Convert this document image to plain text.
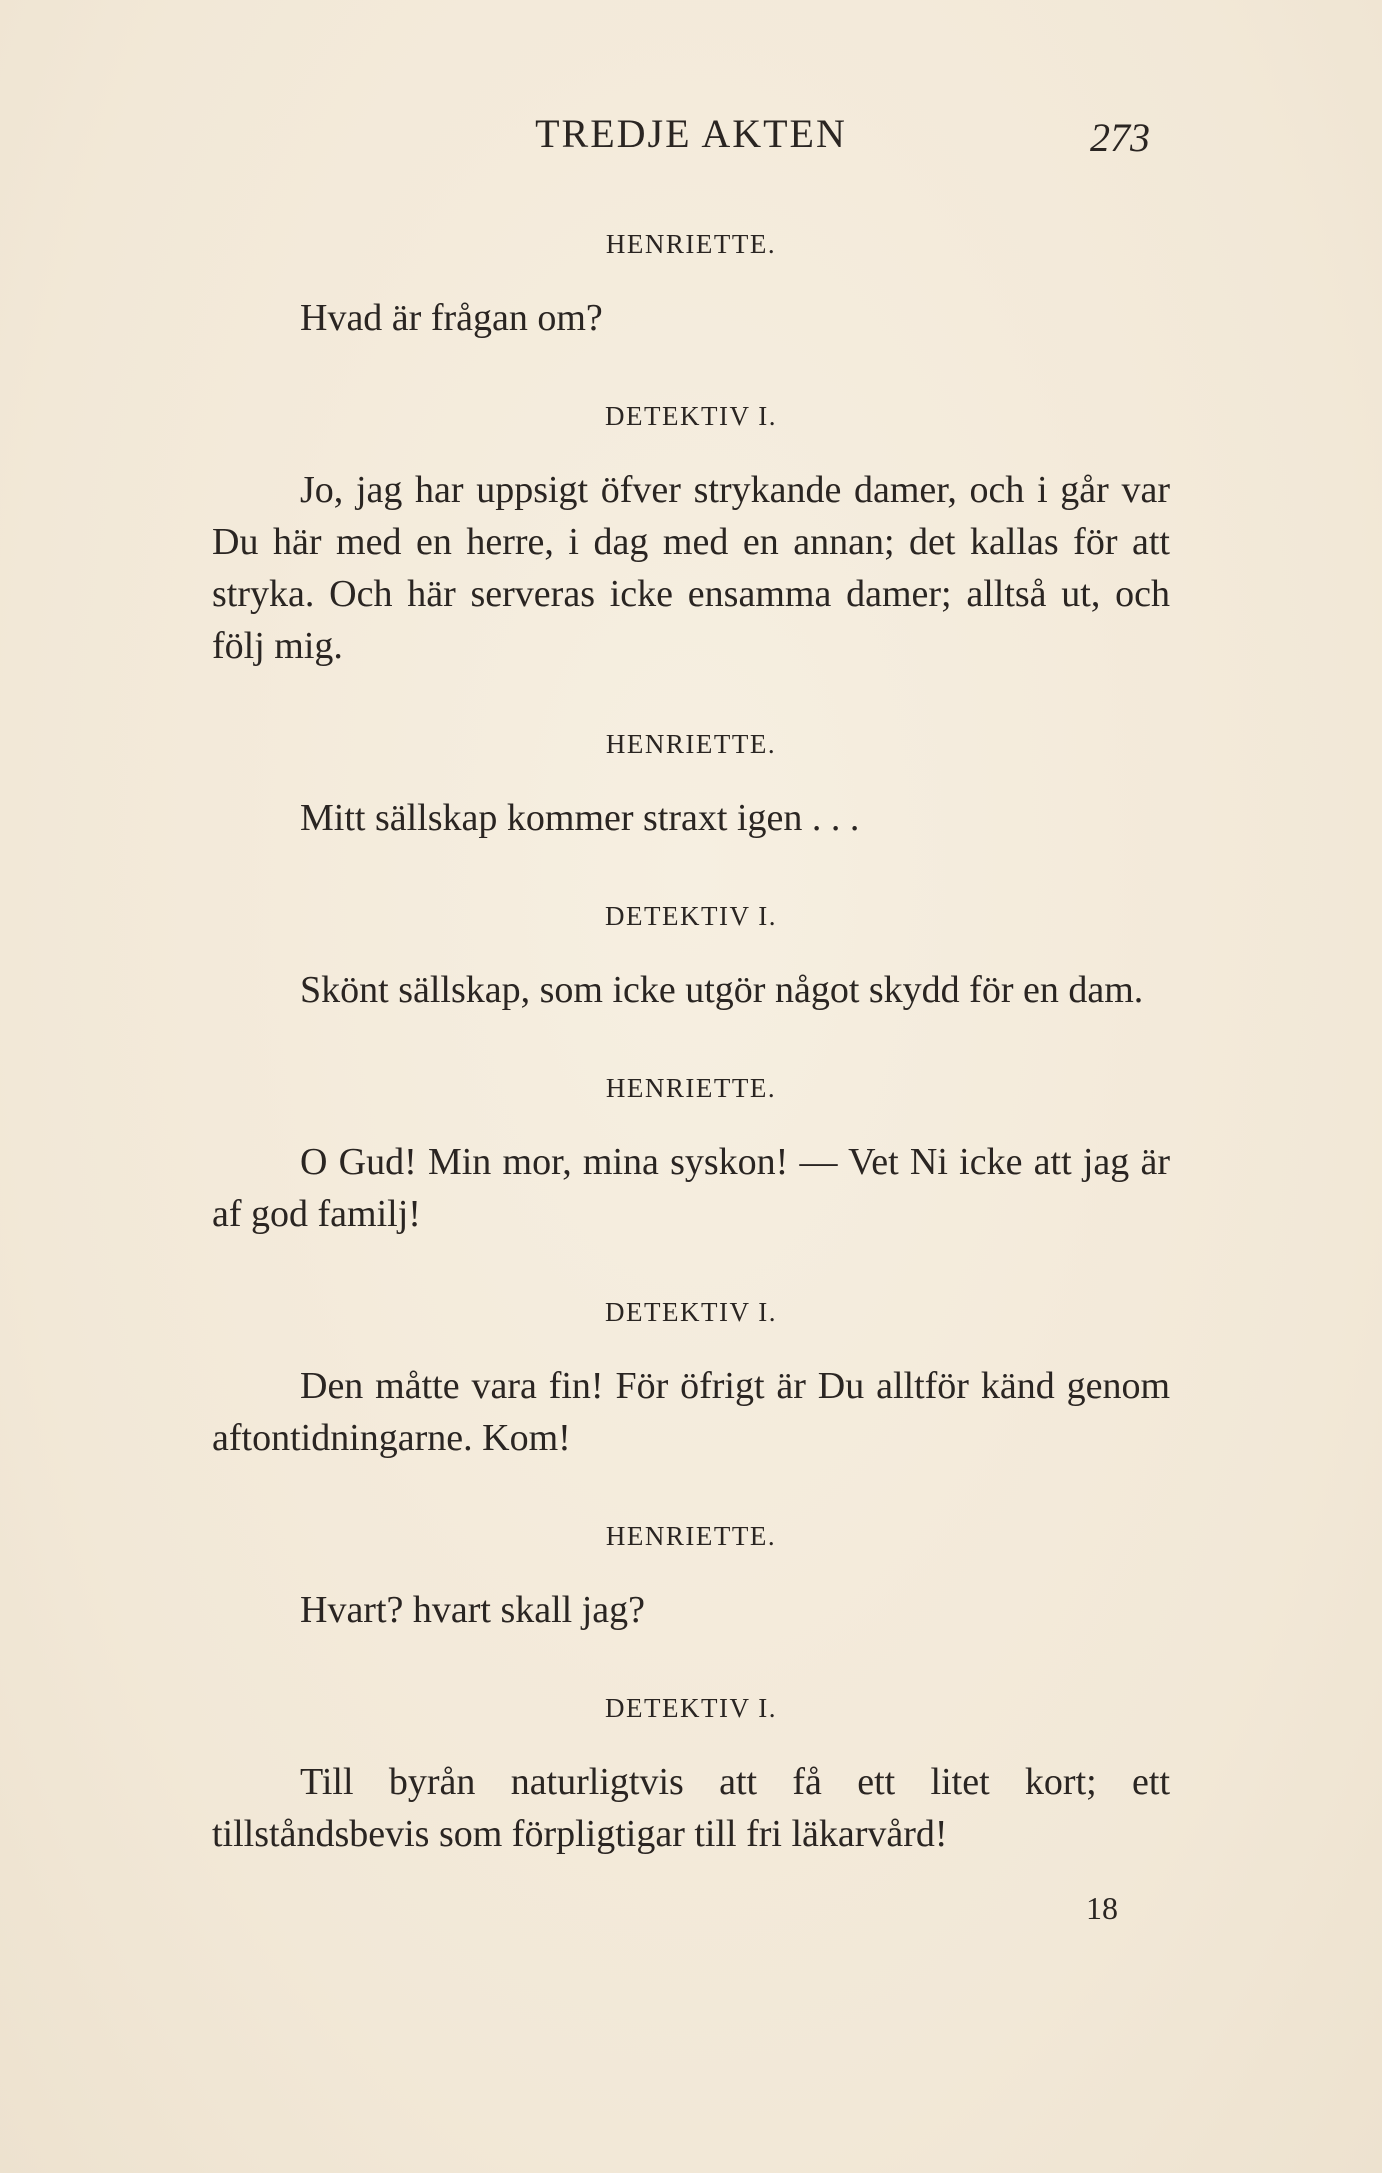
TREDJE AKTEN	273

HENRIETTE.

Hvad är frågan om?

DETEKTIV I.

Jo, jag har uppsigt öfver strykande damer, och i går var Du här med en herre, i dag med en annan; det kallas för att stryka. Och här serveras icke ensamma damer; alltså ut, och följ mig.

HENRIETTE.

Mitt sällskap kommer straxt igen . . .

DETEKTIV I.

Skönt sällskap, som icke utgör något skydd för en dam.

HENRIETTE.

O Gud! Min mor, mina syskon! — Vet Ni icke att jag är af god familj!

DETEKTIV I.

Den måtte vara fin! För öfrigt är Du alltför känd genom aftontidningarne. Kom!

HENRIETTE.

Hvart? hvart skall jag?

DETEKTIV I.

Till byrån naturligtvis att få ett litet kort; ett tillståndsbevis som förpligtigar till fri läkarvård!

18
